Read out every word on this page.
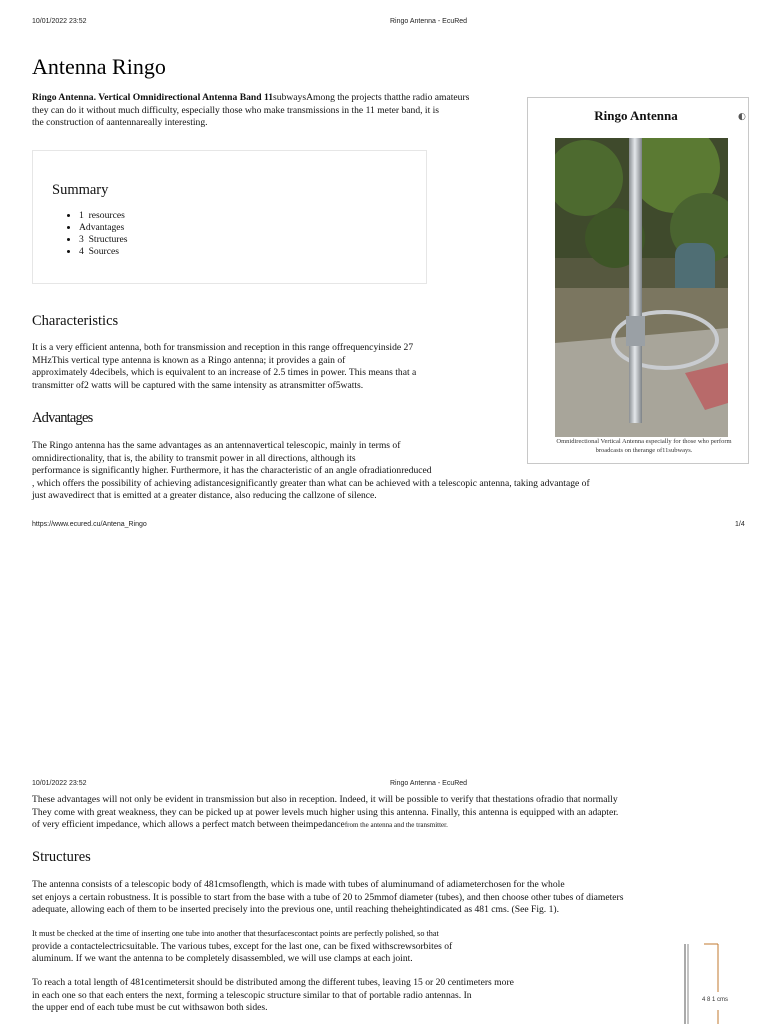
10/01/2022 23:52	Ringo Antenna - EcuRed
Antenna Ringo
Ringo Antenna. Vertical Omnidirectional Antenna Band 11subwaysAmong the projects thatthe radio amateurs
they can do it without much difficulty, especially those who make transmissions in the 11 meter band, it is
the construction of aantennareally interesting.
Summary
• 1 resources
• Advantages
• 3 Structures
• 4 Sources
Ringo Antenna	◐
Omnidirectional Vertical Antenna especially for those who perform
broadcasts on therange of11subways.
Characteristics
It is a very efficient antenna, both for transmission and reception in this range offrequencyinside 27
MHzThis vertical type antenna is known as a Ringo antenna; it provides a gain of
approximately 4decibels, which is equivalent to an increase of 2.5 times in power. This means that a
transmitter of2 watts will be captured with the same intensity as atransmitter of5watts.
Advantages
The Ringo antenna has the same advantages as an antennavertical telescopic, mainly in terms of
omnidirectionality, that is, the ability to transmit power in all directions, although its
performance is significantly higher. Furthermore, it has the characteristic of an angle ofradiationreduced
, which offers the possibility of achieving adistancesignificantly greater than what can be achieved with a telescopic antenna, taking advantage of
just awavedirect that is emitted at a greater distance, also reducing the callzone of silence.
https://www.ecured.cu/Antena_Ringo	1/4
10/01/2022 23:52	Ringo Antenna - EcuRed
These advantages will not only be evident in transmission but also in reception. Indeed, it will be possible to verify that thestations ofradio that normally
They come with great weakness, they can be picked up at power levels much higher using this antenna. Finally, this antenna is equipped with an adapter.
of very efficient impedance, which allows a perfect match between theimpedancefrom the antenna and the transmitter.
Structures
The antenna consists of a telescopic body of 481cmsoflength, which is made with tubes of aluminumand of adiameterchosen for the whole
set enjoys a certain robustness. It is possible to start from the base with a tube of 20 to 25mmof diameter (tubes), and then choose other tubes of diameters
adequate, allowing each of them to be inserted precisely into the previous one, until reaching theheightindicated as 481 cms. (See Fig. 1).
It must be checked at the time of inserting one tube into another that thesurfacescontact points are perfectly polished, so that
provide a contactelectricsuitable. The various tubes, except for the last one, can be fixed withscrewsorbites of
aluminum. If we want the antenna to be completely disassembled, we will use clamps at each joint.
To reach a total length of 481centimetersit should be distributed among the different tubes, leaving 15 or 20 centimeters more
in each one so that each enters the next, forming a telescopic structure similar to that of portable radio antennas. In
the upper end of each tube must be cut withsawon both sides.
4 8 1 cms
